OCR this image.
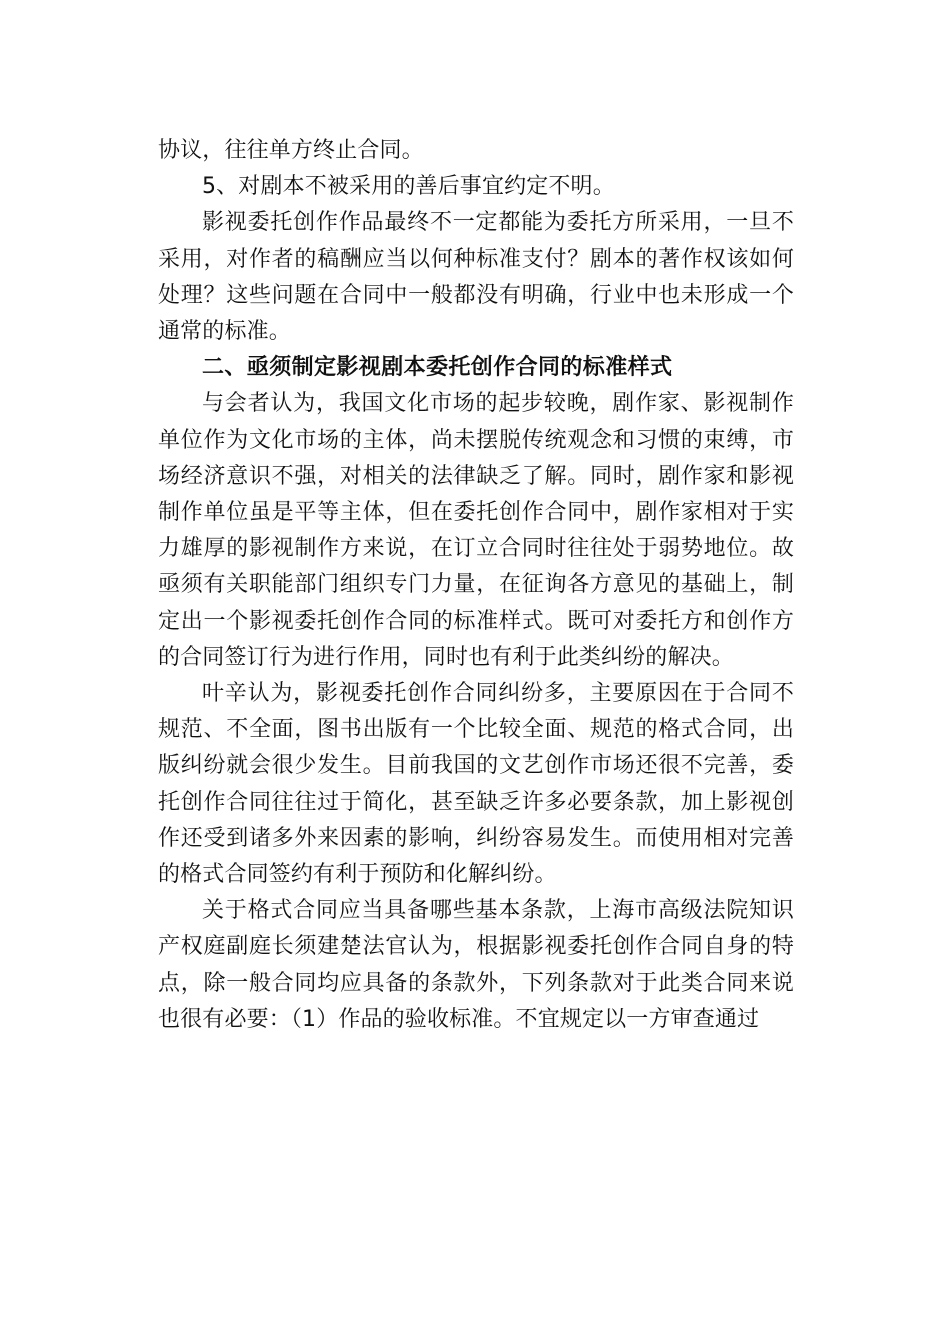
协议，往往单方终止合同。

5、对剧本不被采用的善后事宜约定不明。

影视委托创作作品最终不一定都能为委托方所采用，一旦不采用，对作者的稿酬应当以何种标准支付？剧本的著作权该如何处理？这些问题在合同中一般都没有明确，行业中也未形成一个通常的标准。

二、亟须制定影视剧本委托创作合同的标准样式

与会者认为，我国文化市场的起步较晚，剧作家、影视制作单位作为文化市场的主体，尚未摆脱传统观念和习惯的束缚，市场经济意识不强，对相关的法律缺乏了解。同时，剧作家和影视制作单位虽是平等主体，但在委托创作合同中，剧作家相对于实力雄厚的影视制作方来说，在订立合同时往往处于弱势地位。故亟须有关职能部门组织专门力量，在征询各方意见的基础上，制定出一个影视委托创作合同的标准样式。既可对委托方和创作方的合同签订行为进行作用，同时也有利于此类纠纷的解决。

叶辛认为，影视委托创作合同纠纷多，主要原因在于合同不规范、不全面，图书出版有一个比较全面、规范的格式合同，出版纠纷就会很少发生。目前我国的文艺创作市场还很不完善，委托创作合同往往过于简化，甚至缺乏许多必要条款，加上影视创作还受到诸多外来因素的影响，纠纷容易发生。而使用相对完善的格式合同签约有利于预防和化解纠纷。

关于格式合同应当具备哪些基本条款，上海市高级法院知识产权庭副庭长须建楚法官认为，根据影视委托创作合同自身的特点，除一般合同均应具备的条款外，下列条款对于此类合同来说也很有必要：（1）作品的验收标准。不宜规定以一方审查通过
